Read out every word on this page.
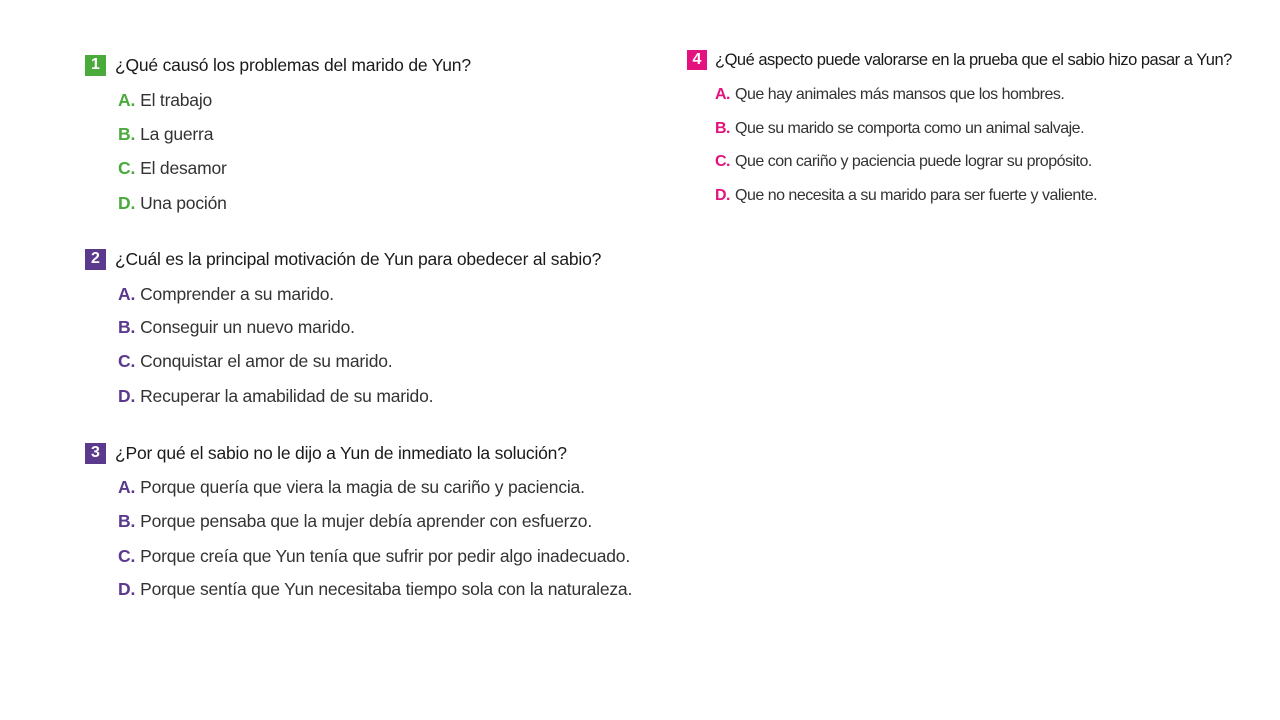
1 ¿Qué causó los problemas del marido de Yun?
A. El trabajo
B. La guerra
C. El desamor
D. Una poción
2 ¿Cuál es la principal motivación de Yun para obedecer al sabio?
A. Comprender a su marido.
B. Conseguir un nuevo marido.
C. Conquistar el amor de su marido.
D. Recuperar la amabilidad de su marido.
3 ¿Por qué el sabio no le dijo a Yun de inmediato la solución?
A. Porque quería que viera la magia de su cariño y paciencia.
B. Porque pensaba que la mujer debía aprender con esfuerzo.
C. Porque creía que Yun tenía que sufrir por pedir algo inadecuado.
D. Porque sentía que Yun necesitaba tiempo sola con la naturaleza.
4 ¿Qué aspecto puede valorarse en la prueba que el sabio hizo pasar a Yun?
A. Que hay animales más mansos que los hombres.
B. Que su marido se comporta como un animal salvaje.
C. Que con cariño y paciencia puede lograr su propósito.
D. Que no necesita a su marido para ser fuerte y valiente.
